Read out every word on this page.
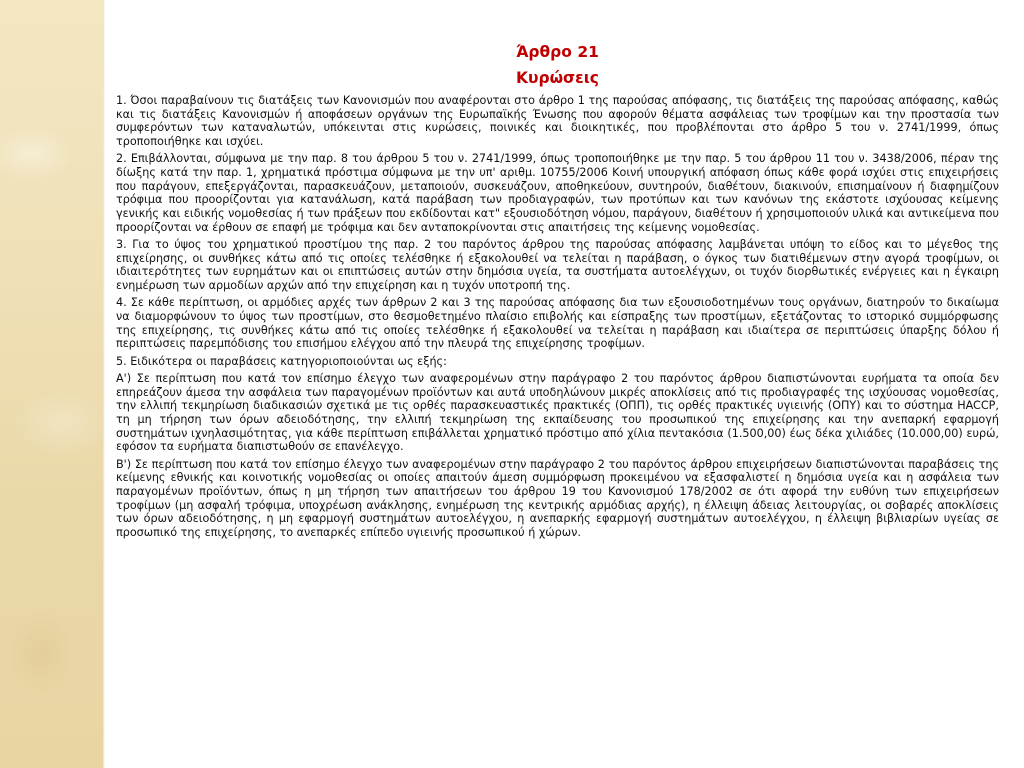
Άρθρο 21
Κυρώσεις

1. Όσοι παραβαίνουν τις διατάξεις των Κανονισμών που αναφέρονται στο άρθρο 1 της παρούσας απόφασης, τις διατάξεις της παρούσας απόφασης, καθώς και τις διατάξεις Κανονισμών ή αποφάσεων οργάνων της Ευρωπαϊκής Ένωσης που αφορούν θέματα ασφάλειας των τροφίμων και την προστασία των συμφερόντων των καταναλωτών, υπόκεινται στις κυρώσεις, ποινικές και διοικητικές, που προβλέπονται στο άρθρο 5 του ν. 2741/1999, όπως τροποποιήθηκε και ισχύει.

2. Επιβάλλονται, σύμφωνα με την παρ. 8 του άρθρου 5 του ν. 2741/1999, όπως τροποποιήθηκε με την παρ. 5 του άρθρου 11 του ν. 3438/2006, πέραν της δίωξης κατά την παρ. 1, χρηματικά πρόστιμα σύμφωνα με την υπ' αριθμ. 10755/2006 Κοινή υπουργική απόφαση όπως κάθε φορά ισχύει στις επιχειρήσεις που παράγουν, επεξεργάζονται, παρασκευάζουν, μεταποιούν, συσκευάζουν, αποθηκεύουν, συντηρούν, διαθέτουν, διακινούν, επισημαίνουν ή διαφημίζουν τρόφιμα που προορίζονται για κατανάλωση, κατά παράβαση των προδιαγραφών, των προτύπων και των κανόνων της εκάστοτε ισχύουσας κείμενης γενικής και ειδικής νομοθεσίας ή των πράξεων που εκδίδονται κατ" εξουσιοδότηση νόμου, παράγουν, διαθέτουν ή χρησιμοποιούν υλικά και αντικείμενα που προορίζονται να έρθουν σε επαφή με τρόφιμα και δεν ανταποκρίνονται στις απαιτήσεις της κείμενης νομοθεσίας.

3. Για το ύψος του χρηματικού προστίμου της παρ. 2 του παρόντος άρθρου της παρούσας απόφασης λαμβάνεται υπόψη το είδος και το μέγεθος της επιχείρησης, οι συνθήκες κάτω από τις οποίες τελέσθηκε ή εξακολουθεί να τελείται η παράβαση, ο όγκος των διατιθέμενων στην αγορά τροφίμων, οι ιδιαιτερότητες των ευρημάτων και οι επιπτώσεις αυτών στην δημόσια υγεία, τα συστήματα αυτοελέγχων, οι τυχόν διορθωτικές ενέργειες και η έγκαιρη ενημέρωση των αρμοδίων αρχών από την επιχείρηση και η τυχόν υποτροπή της.

4. Σε κάθε περίπτωση, οι αρμόδιες αρχές των άρθρων 2 και 3 της παρούσας απόφασης δια των εξουσιοδοτημένων τους οργάνων, διατηρούν το δικαίωμα να διαμορφώνουν το ύψος των προστίμων, στο θεσμοθετημένο πλαίσιο επιβολής και είσπραξης των προστίμων, εξετάζοντας το ιστορικό συμμόρφωσης της επιχείρησης, τις συνθήκες κάτω από τις οποίες τελέσθηκε ή εξακολουθεί να τελείται η παράβαση και ιδιαίτερα σε περιπτώσεις ύπαρξης δόλου ή περιπτώσεις παρεμπόδισης του επισήμου ελέγχου από την πλευρά της επιχείρησης τροφίμων.

5. Ειδικότερα οι παραβάσεις κατηγοριοποιούνται ως εξής:

Α') Σε περίπτωση που κατά τον επίσημο έλεγχο των αναφερομένων στην παράγραφο 2 του παρόντος άρθρου διαπιστώνονται ευρήματα τα οποία δεν επηρεάζουν άμεσα την ασφάλεια των παραγομένων προϊόντων και αυτά υποδηλώνουν μικρές αποκλίσεις από τις προδιαγραφές της ισχύουσας νομοθεσίας, την ελλιπή τεκμηρίωση διαδικασιών σχετικά με τις ορθές παρασκευαστικές πρακτικές (ΟΠΠ), τις ορθές πρακτικές υγιεινής (ΟΠΥ) και το σύστημα HACCP, τη μη τήρηση των όρων αδειοδότησης, την ελλιπή τεκμηρίωση της εκπαίδευσης του προσωπικού της επιχείρησης και την ανεπαρκή εφαρμογή συστημάτων ιχνηλασιμότητας, για κάθε περίπτωση επιβάλλεται χρηματικό πρόστιμο από χίλια πεντακόσια (1.500,00) έως δέκα χιλιάδες (10.000,00) ευρώ, εφόσον τα ευρήματα διαπιστωθούν σε επανέλεγχο.

Β') Σε περίπτωση που κατά τον επίσημο έλεγχο των αναφερομένων στην παράγραφο 2 του παρόντος άρθρου επιχειρήσεων διαπιστώνονται παραβάσεις της κείμενης εθνικής και κοινοτικής νομοθεσίας οι οποίες απαιτούν άμεση συμμόρφωση προκειμένου να εξασφαλιστεί η δημόσια υγεία και η ασφάλεια των παραγομένων προϊόντων, όπως η μη τήρηση των απαιτήσεων του άρθρου 19 του Κανονισμού 178/2002 σε ότι αφορά την ευθύνη των επιχειρήσεων τροφίμων (μη ασφαλή τρόφιμα, υποχρέωση ανάκλησης, ενημέρωση της κεντρικής αρμόδιας αρχής), η έλλειψη άδειας λειτουργίας, οι σοβαρές αποκλίσεις των όρων αδειοδότησης, η μη εφαρμογή συστημάτων αυτοελέγχου, η ανεπαρκής εφαρμογή συστημάτων αυτοελέγχου, η έλλειψη βιβλιαρίων υγείας σε προσωπικό της επιχείρησης, το ανεπαρκές επίπεδο υγιεινής προσωπικού ή χώρων.
